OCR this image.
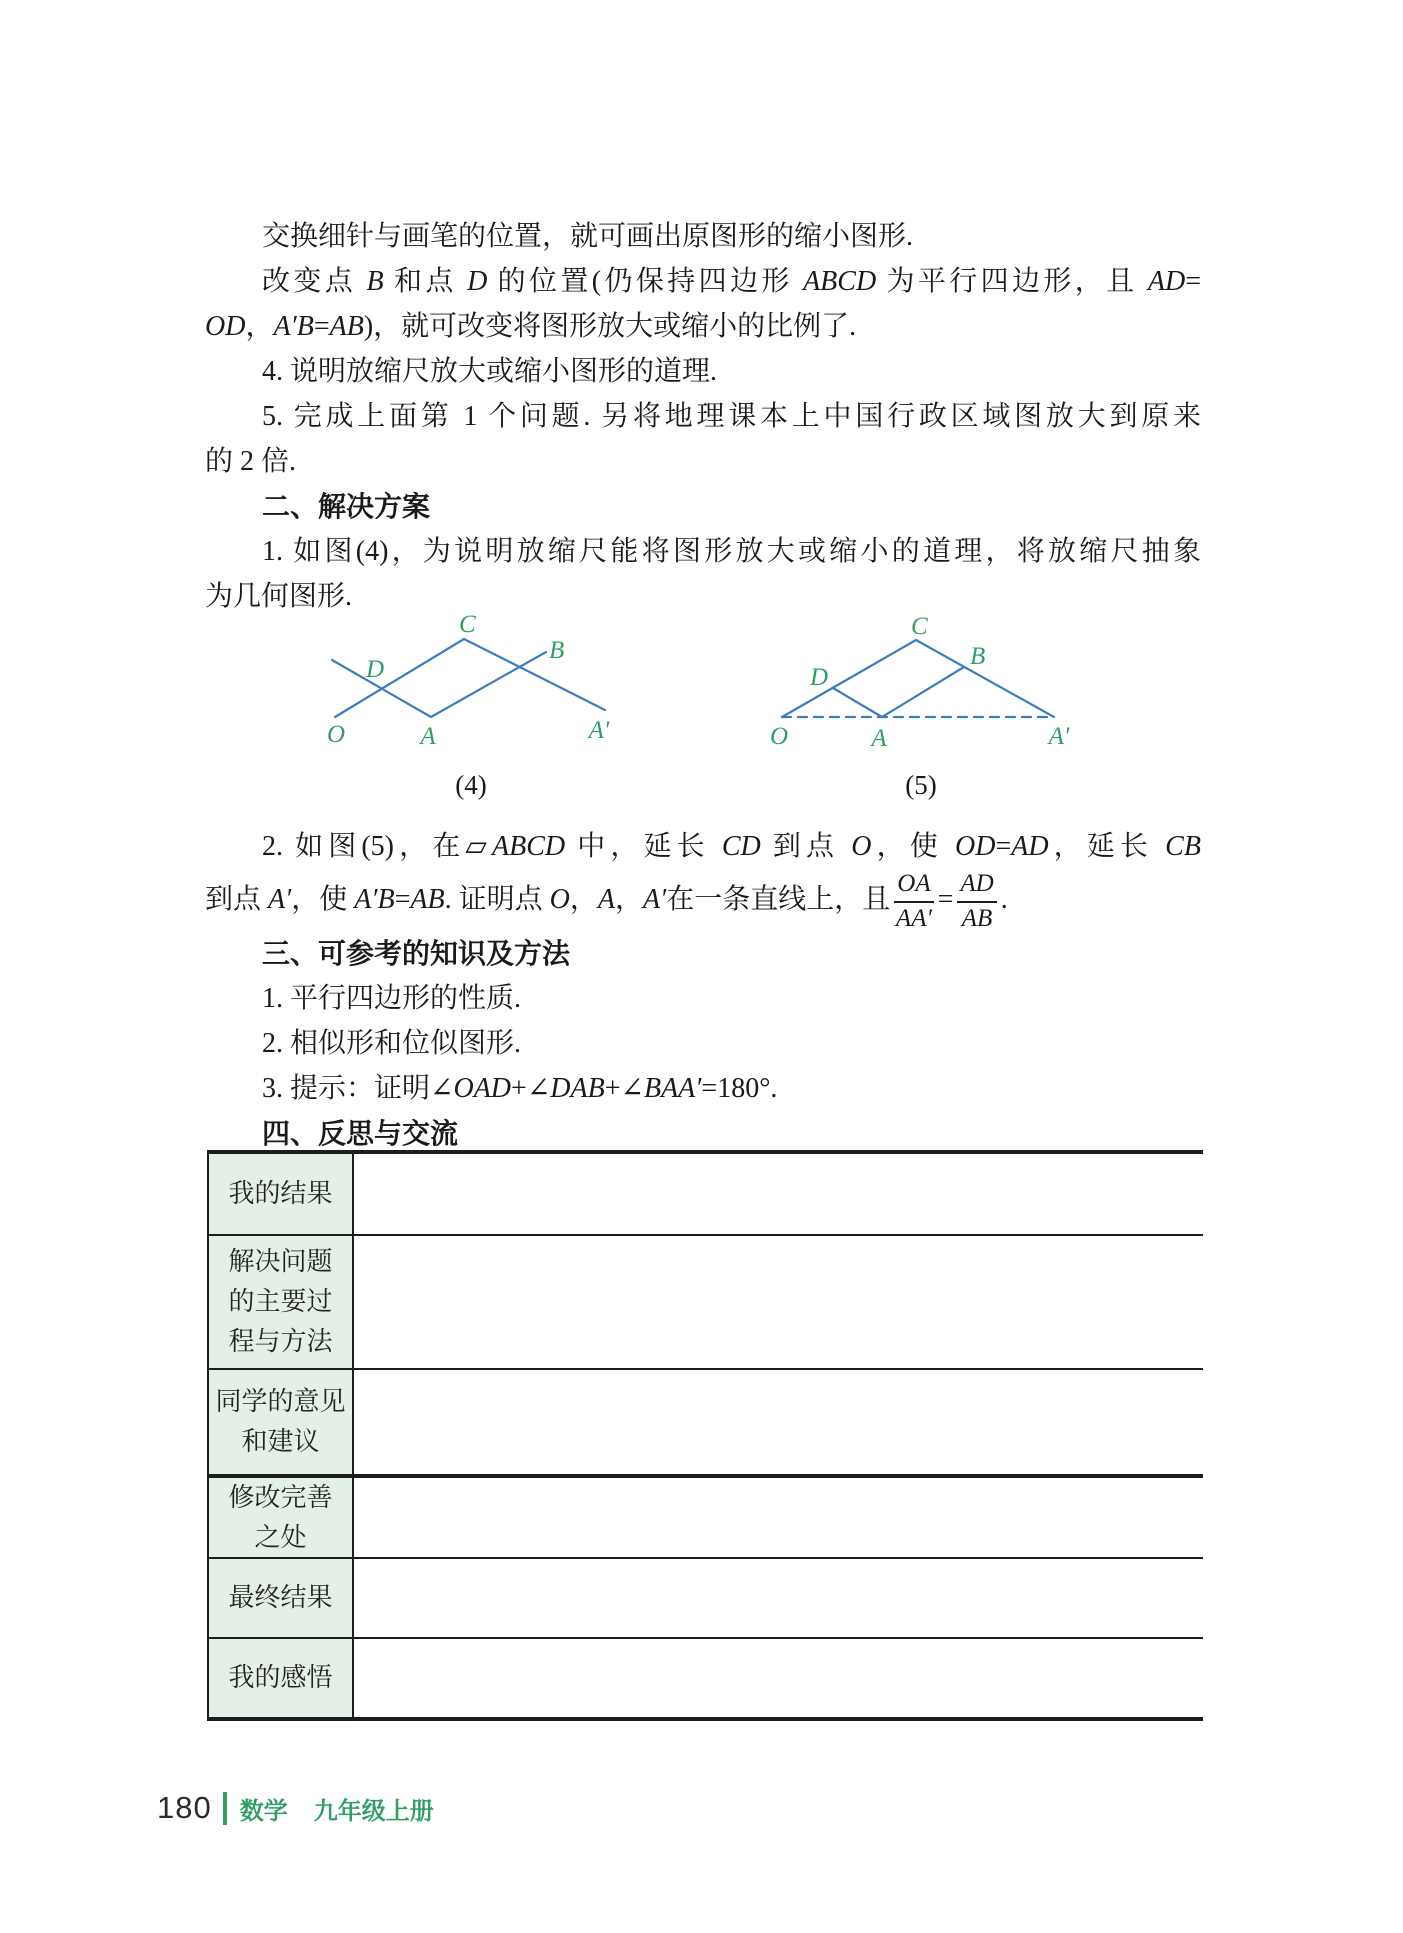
交换细针与画笔的位置，就可画出原图形的缩小图形.

改变点 B 和点 D 的位置(仍保持四边形 ABCD 为平行四边形，且 AD=

OD，A′B=AB)，就可改变将图形放大或缩小的比例了.

4. 说明放缩尺放大或缩小图形的道理.

5. 完成上面第 1 个问题. 另将地理课本上中国行政区域图放大到原来

的 2 倍.

二、解决方案

1. 如图(4)，为说明放缩尺能将图形放大或缩小的道理，将放缩尺抽象

为几何图形.

C
B
D
O	A	A′
(4)
C
B
D
O	A	A′
(5)

2. 如图(5)，在▱ABCD 中，延长 CD 到点 O，使 OD=AD，延长 CB

到点 A′，使 A′B=AB. 证明点 O，A，A′在一条直线上，且 $\frac{OA}{AA'} = \frac{AD}{AB}$ .

三、可参考的知识及方法

1. 平行四边形的性质.

2. 相似形和位似图形.

3. 提示：证明∠OAD+∠DAB+∠BAA′=180°.

四、反思与交流

我的结果
解决问题
的主要过
程与方法
同学的意见
和建议
修改完善
之处
最终结果
我的感悟
180 数学 九年级上册
